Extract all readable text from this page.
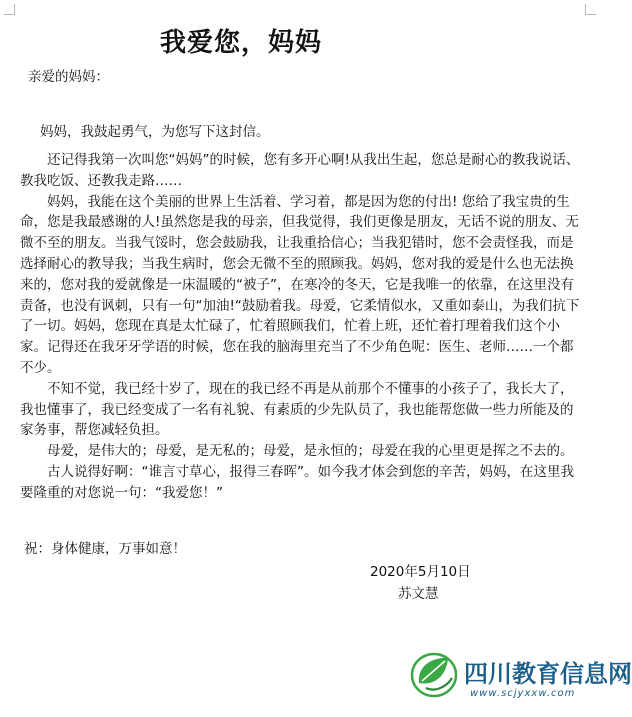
我爱您，妈妈
亲爱的妈妈：
妈妈，我鼓起勇气，为您写下这封信。

还记得我第一次叫您“妈妈”的时候，您有多开心啊!从我出生起，您总是耐心的教我说话、教我吃饭、还教我走路……

妈妈，我能在这个美丽的世界上生活着、学习着，都是因为您的付出! 您给了我宝贵的生命，您是我最感谢的人!虽然您是我的母亲，但我觉得，我们更像是朋友，无话不说的朋友、无微不至的朋友。当我气馁时，您会鼓励我，让我重拾信心；当我犯错时，您不会责怪我，而是选择耐心的教导我；当我生病时，您会无微不至的照顾我。妈妈，您对我的爱是什么也无法换来的，您对我的爱就像是一床温暖的“被子”，在寒冷的冬天，它是我唯一的依靠，在这里没有责备，也没有讽刺，只有一句“加油!“鼓励着我。母爱，它柔情似水，又重如泰山，为我们抗下了一切。妈妈，您现在真是太忙碌了，忙着照顾我们，忙着上班，还忙着打理着我们这个小家。记得还在我牙牙学语的时候，您在我的脑海里充当了不少角色呢：医生、老师……一个都不少。

不知不觉，我已经十岁了，现在的我已经不再是从前那个不懂事的小孩子了，我长大了，我也懂事了，我已经变成了一名有礼貌、有素质的少先队员了，我也能帮您做一些力所能及的家务事，帮您减轻负担。

母爱，是伟大的；母爱，是无私的；母爱，是永恒的；母爱在我的心里更是挥之不去的。

古人说得好啊：“谁言寸草心，报得三春晖”。如今我才体会到您的辛苦，妈妈，在这里我要隆重的对您说一句：“我爱您！”

祝：身体健康，万事如意！
2020年5月10日
苏文慧
四川教育信息网
www.scjyxxw.com
